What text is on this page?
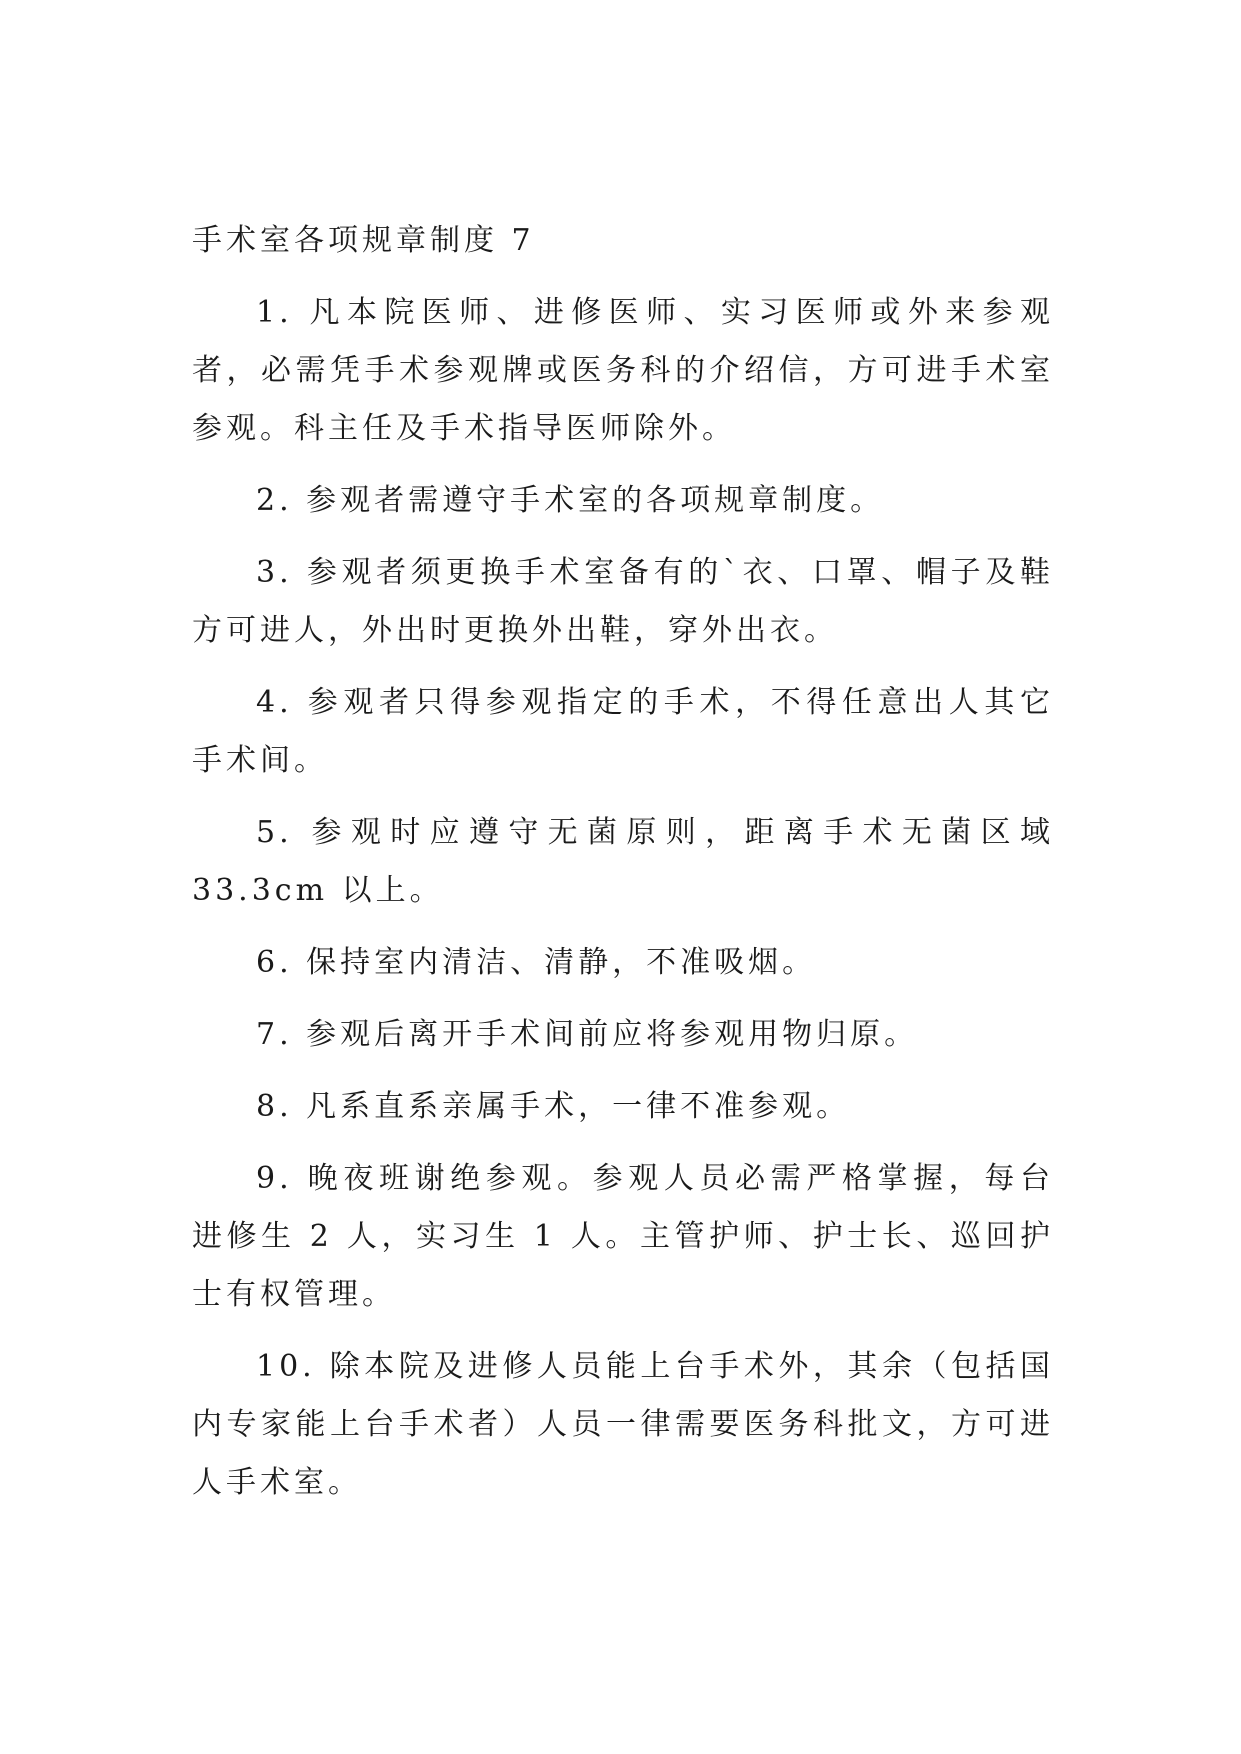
手术室各项规章制度 7

1. 凡本院医师、进修医师、实习医师或外来参观者，必需凭手术参观牌或医务科的介绍信，方可进手术室参观。科主任及手术指导医师除外。

2. 参观者需遵守手术室的各项规章制度。

3. 参观者须更换手术室备有的`衣、口罩、帽子及鞋方可进人，外出时更换外出鞋，穿外出衣。

4. 参观者只得参观指定的手术，不得任意出人其它手术间。

5. 参观时应遵守无菌原则，距离手术无菌区域 33.3cm 以上。

6. 保持室内清洁、清静，不准吸烟。

7. 参观后离开手术间前应将参观用物归原。

8. 凡系直系亲属手术，一律不准参观。

9. 晚夜班谢绝参观。参观人员必需严格掌握，每台进修生 2 人，实习生 1 人。主管护师、护士长、巡回护士有权管理。

10. 除本院及进修人员能上台手术外，其余（包括国内专家能上台手术者）人员一律需要医务科批文，方可进人手术室。
